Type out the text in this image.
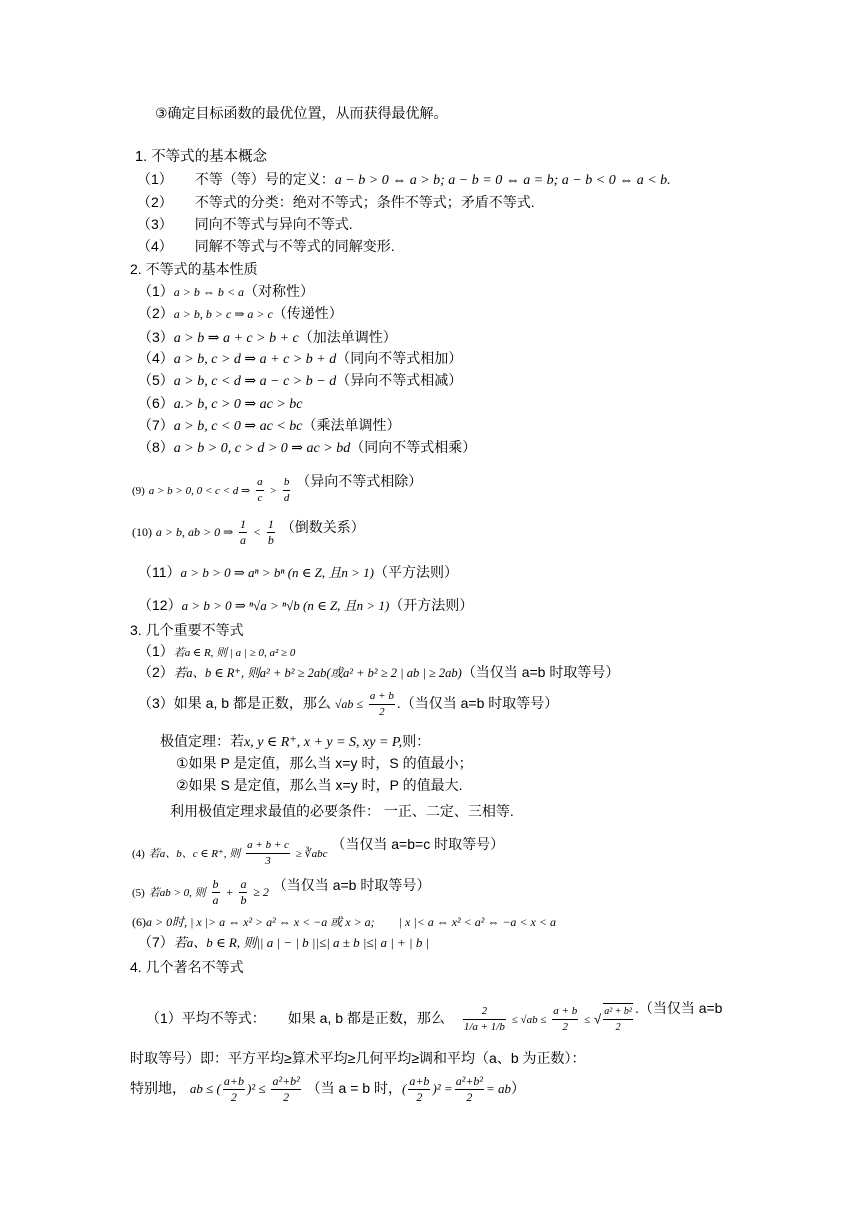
③确定目标函数的最优位置，从而获得最优解。
1. 不等式的基本概念
（1） 不等（等）号的定义：a − b > 0 ⇔ a > b; a − b = 0 ⇔ a = b; a − b < 0 ⇔ a < b.
（2） 不等式的分类：绝对不等式；条件不等式；矛盾不等式.
（3） 同向不等式与异向不等式.
（4） 同解不等式与不等式的同解变形.
2. 不等式的基本性质
（1）a > b ⇔ b < a（对称性）
（2）a > b, b > c ⇒ a > c（传递性）
（3）a > b ⇒ a + c > b + c（加法单调性）
（4）a > b, c > d ⇒ a + c > b + d（同向不等式相加）
（5）a > b, c < d ⇒ a − c > b − d（异向不等式相减）
（6）a.> b, c > 0 ⇒ ac > bc
（7）a > b, c < 0 ⇒ ac < bc（乘法单调性）
（8）a > b > 0, c > d > 0 ⇒ ac > bd（同向不等式相乘）
(9) a > b > 0, 0 < c < d ⇒ $\frac{a}{c} > \frac{b}{d}$ （异向不等式相除）
(10) a > b, ab > 0 ⇒ $\frac{1}{a} < \frac{1}{b}$ （倒数关系）
（11）a > b > 0 ⇒ aⁿ > bⁿ (n ∈ Z, 且n > 1)（平方法则）
（12）a > b > 0 ⇒ ⁿ√a > ⁿ√b (n ∈ Z, 且n > 1)（开方法则）
3. 几个重要不等式
（1）若a ∈ R, 则 | a | ≥ 0, a² ≥ 0
（2）若a、b ∈ R⁺, 则a² + b² ≥ 2ab(或a² + b² ≥ 2 | ab | ≥ 2ab)（当仅当 a=b 时取等号）
（3）如果 a, b 都是正数，那么 $√ab \le \frac{a + b}{2}$ .（当仅当 a=b 时取等号）
极值定理：若x, y ∈ R⁺, x + y = S, xy = P,则：
①如果 P 是定值，那么当 x=y 时，S 的值最小；
②如果 S 是定值，那么当 x=y 时，P 的值最大.
利用极值定理求最值的必要条件： 一正、二定、三相等.
(4) 若a、b、c ∈ R⁺, 则 $\frac{a + b + c}{3}$ ≥ ∛abc （当仅当 a=b=c 时取等号）
(5) 若ab > 0, 则 $\frac{b}{a} + \frac{a}{b} \ge 2$ （当仅当 a=b 时取等号）
(6)a > 0时, | x |> a ⇔ x² > a² ⇔ x < −a 或 x > a; | x |< a ⇔ x² < a² ⇔ −a < x < a
（7）若a、b ∈ R, 则|| a | − | b ||≤| a ± b |≤| a | + | b |
4. 几个著名不等式
（1）平均不等式： 如果 a, b 都是正数，那么 $\frac{2}{1/a + 1/b} \le √ab \le \frac{a + b}{2}$ ≤ √ $\frac{\text{a² + b²}}{2}$ .（当仅当 a=b
时取等号）即：平方平均≥算术平均≥几何平均≥调和平均（a、b 为正数）：
特别地， ab ≤ ( $\frac{a+b}{2} )^2 \le \frac{\text{a²+b²}}{2}$ （当 a = b 时，( $\frac{a+b}{2} )^2 = \frac{\text{a²+b²}}{2} = ab$）
